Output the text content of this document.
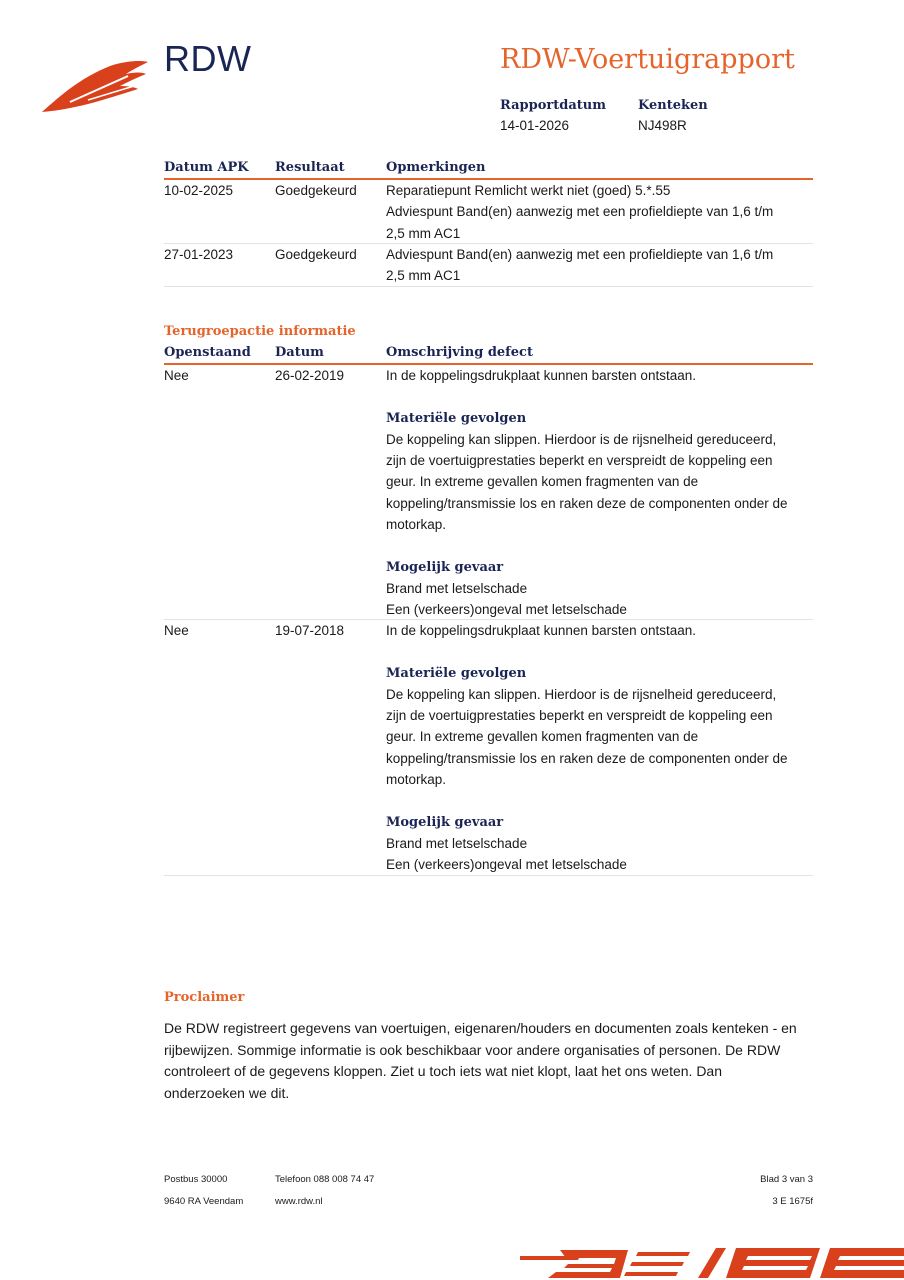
RDW	RDW-Voertuigrapport
Rapportdatum
14-01-2026
Kenteken
NJ498R
Datum APK Resultaat	Opmerkingen
10-02-2025	Goedgekeurd Reparatiepunt Remlicht werkt niet (goed) 5.*.55
Adviespunt Band(en) aanwezig met een profieldiepte van 1,6 t/m
2,5 mm AC1
27-01-2023	Goedgekeurd Adviespunt Band(en) aanwezig met een profieldiepte van 1,6 t/m
2,5 mm AC1
Terugroepactie informatie
Openstaand Datum	Omschrijving defect
Nee	26-02-2019	In de koppelingsdrukplaat kunnen barsten ontstaan.
Materiële gevolgen
De koppeling kan slippen. Hierdoor is de rijsnelheid gereduceerd,
zijn de voertuigprestaties beperkt en verspreidt de koppeling een
geur. In extreme gevallen komen fragmenten van de
koppeling/transmissie los en raken deze de componenten onder de
motorkap.
Mogelijk gevaar
Brand met letselschade
Een (verkeers)ongeval met letselschade
Nee	19-07-2018	In de koppelingsdrukplaat kunnen barsten ontstaan.
Materiële gevolgen
De koppeling kan slippen. Hierdoor is de rijsnelheid gereduceerd,
zijn de voertuigprestaties beperkt en verspreidt de koppeling een
geur. In extreme gevallen komen fragmenten van de
koppeling/transmissie los en raken deze de componenten onder de
motorkap.
Mogelijk gevaar
Brand met letselschade
Een (verkeers)ongeval met letselschade
Proclaimer
De RDW registreert gegevens van voertuigen, eigenaren/houders en documenten zoals kenteken - en rijbewijzen. Sommige informatie is ook beschikbaar voor andere organisaties of personen. De RDW controleert of de gegevens kloppen. Ziet u toch iets wat niet klopt, laat het ons weten. Dan onderzoeken we dit.
Postbus 30000	Telefoon 088 008 74 47
9640 RA Veendam	www.rdw.nl
Blad 3 van 3
3 E 1675f
